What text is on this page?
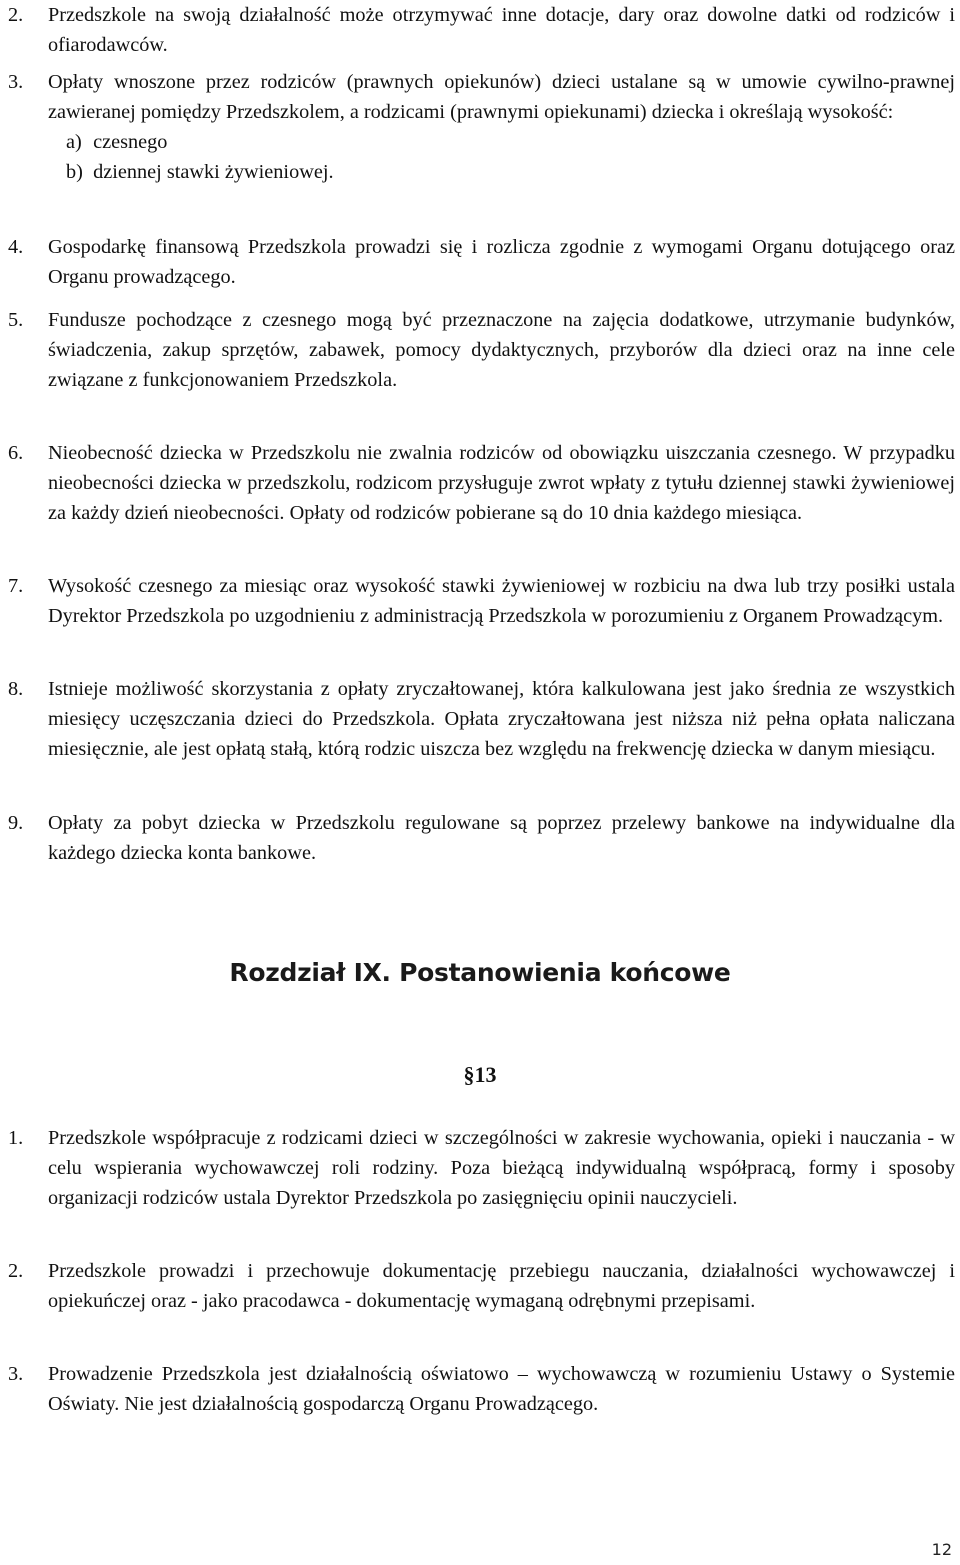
2.	Przedszkole na swoją działalność może otrzymywać inne dotacje, dary oraz dowolne datki od rodziców i ofiarodawców.
3.	Opłaty wnoszone przez rodziców (prawnych opiekunów) dzieci ustalane są w umowie cywilno-prawnej zawieranej pomiędzy Przedszkolem, a rodzicami (prawnymi opiekunami) dziecka i określają wysokość:
a) czesnego
b) dziennej stawki żywieniowej.
4.	Gospodarkę finansową Przedszkola prowadzi się i rozlicza zgodnie z wymogami Organu dotującego oraz Organu prowadzącego.
5.	Fundusze pochodzące z czesnego mogą być przeznaczone na zajęcia dodatkowe, utrzymanie budynków, świadczenia, zakup sprzętów, zabawek, pomocy dydaktycznych, przyborów dla dzieci oraz na inne cele związane z funkcjonowaniem Przedszkola.
6.	Nieobecność dziecka w Przedszkolu nie zwalnia rodziców od obowiązku uiszczania czesnego. W przypadku nieobecności dziecka w przedszkolu, rodzicom przysługuje zwrot wpłaty z tytułu dziennej stawki żywieniowej za każdy dzień nieobecności. Opłaty od rodziców pobierane są do 10 dnia każdego miesiąca.
7.	Wysokość czesnego za miesiąc oraz wysokość stawki żywieniowej w rozbiciu na dwa lub trzy posiłki ustala Dyrektor Przedszkola po uzgodnieniu z administracją Przedszkola w porozumieniu z Organem Prowadzącym.
8.	Istnieje możliwość skorzystania z opłaty zryczałtowanej, która kalkulowana jest jako średnia ze wszystkich miesięcy uczęszczania dzieci do Przedszkola. Opłata zryczałtowana jest niższa niż pełna opłata naliczana miesięcznie, ale jest opłatą stałą, którą rodzic uiszcza bez względu na frekwencję dziecka w danym miesiącu.
9.	Opłaty za pobyt dziecka w Przedszkolu regulowane są poprzez przelewy bankowe na indywidualne dla każdego dziecka konta bankowe.
Rozdział IX. Postanowienia końcowe
§13
1.	Przedszkole współpracuje z rodzicami dzieci w szczególności w zakresie wychowania, opieki i nauczania - w celu wspierania wychowawczej roli rodziny. Poza bieżącą indywidualną współpracą, formy i sposoby organizacji rodziców ustala Dyrektor Przedszkola po zasięgnięciu opinii nauczycieli.
2.	Przedszkole prowadzi i przechowuje dokumentację przebiegu nauczania, działalności wychowawczej i opiekuńczej oraz - jako pracodawca - dokumentację wymaganą odrębnymi przepisami.
3.	Prowadzenie Przedszkola jest działalnością oświatowo – wychowawczą w rozumieniu Ustawy o Systemie Oświaty. Nie jest działalnością gospodarczą Organu Prowadzącego.
12
